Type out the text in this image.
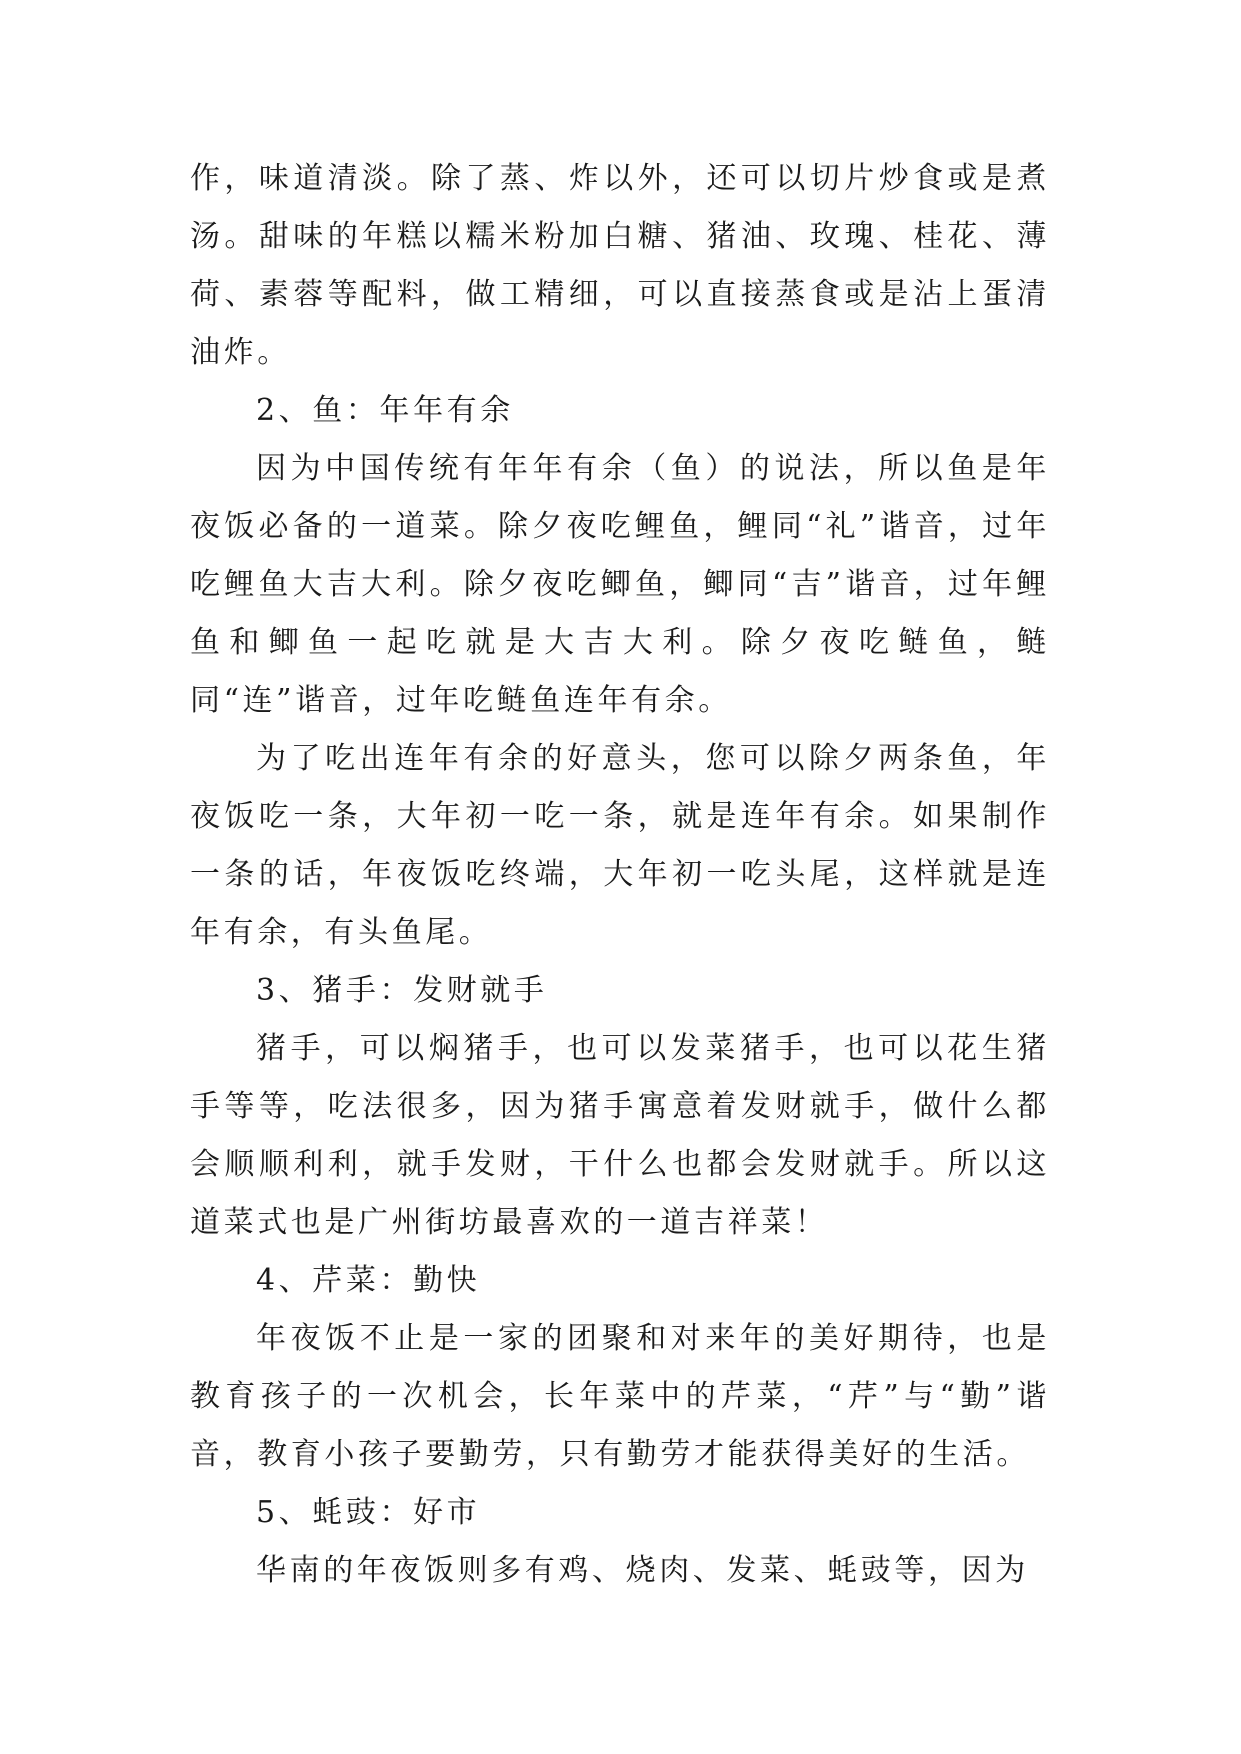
作，味道清淡。除了蒸、炸以外，还可以切片炒食或是煮汤。甜味的年糕以糯米粉加白糖、猪油、玫瑰、桂花、薄荷、素蓉等配料，做工精细，可以直接蒸食或是沾上蛋清油炸。

2、鱼：年年有余

因为中国传统有年年有余（鱼）的说法，所以鱼是年夜饭必备的一道菜。除夕夜吃鲤鱼，鲤同“礼”谐音，过年吃鲤鱼大吉大利。除夕夜吃鲫鱼，鲫同“吉”谐音，过年鲤鱼和鲫鱼一起吃就是大吉大利。除夕夜吃鲢鱼，鲢同“连”谐音，过年吃鲢鱼连年有余。

为了吃出连年有余的好意头，您可以除夕两条鱼，年夜饭吃一条，大年初一吃一条，就是连年有余。如果制作一条的话，年夜饭吃终端，大年初一吃头尾，这样就是连年有余，有头鱼尾。

3、猪手：发财就手

猪手，可以焖猪手，也可以发菜猪手，也可以花生猪手等等，吃法很多，因为猪手寓意着发财就手，做什么都会顺顺利利，就手发财，干什么也都会发财就手。所以这道菜式也是广州街坊最喜欢的一道吉祥菜！

4、芹菜：勤快

年夜饭不止是一家的团聚和对来年的美好期待，也是教育孩子的一次机会，长年菜中的芹菜，“芹”与“勤”谐音，教育小孩子要勤劳，只有勤劳才能获得美好的生活。

5、蚝豉：好市

华南的年夜饭则多有鸡、烧肉、发菜、蚝豉等，因为
